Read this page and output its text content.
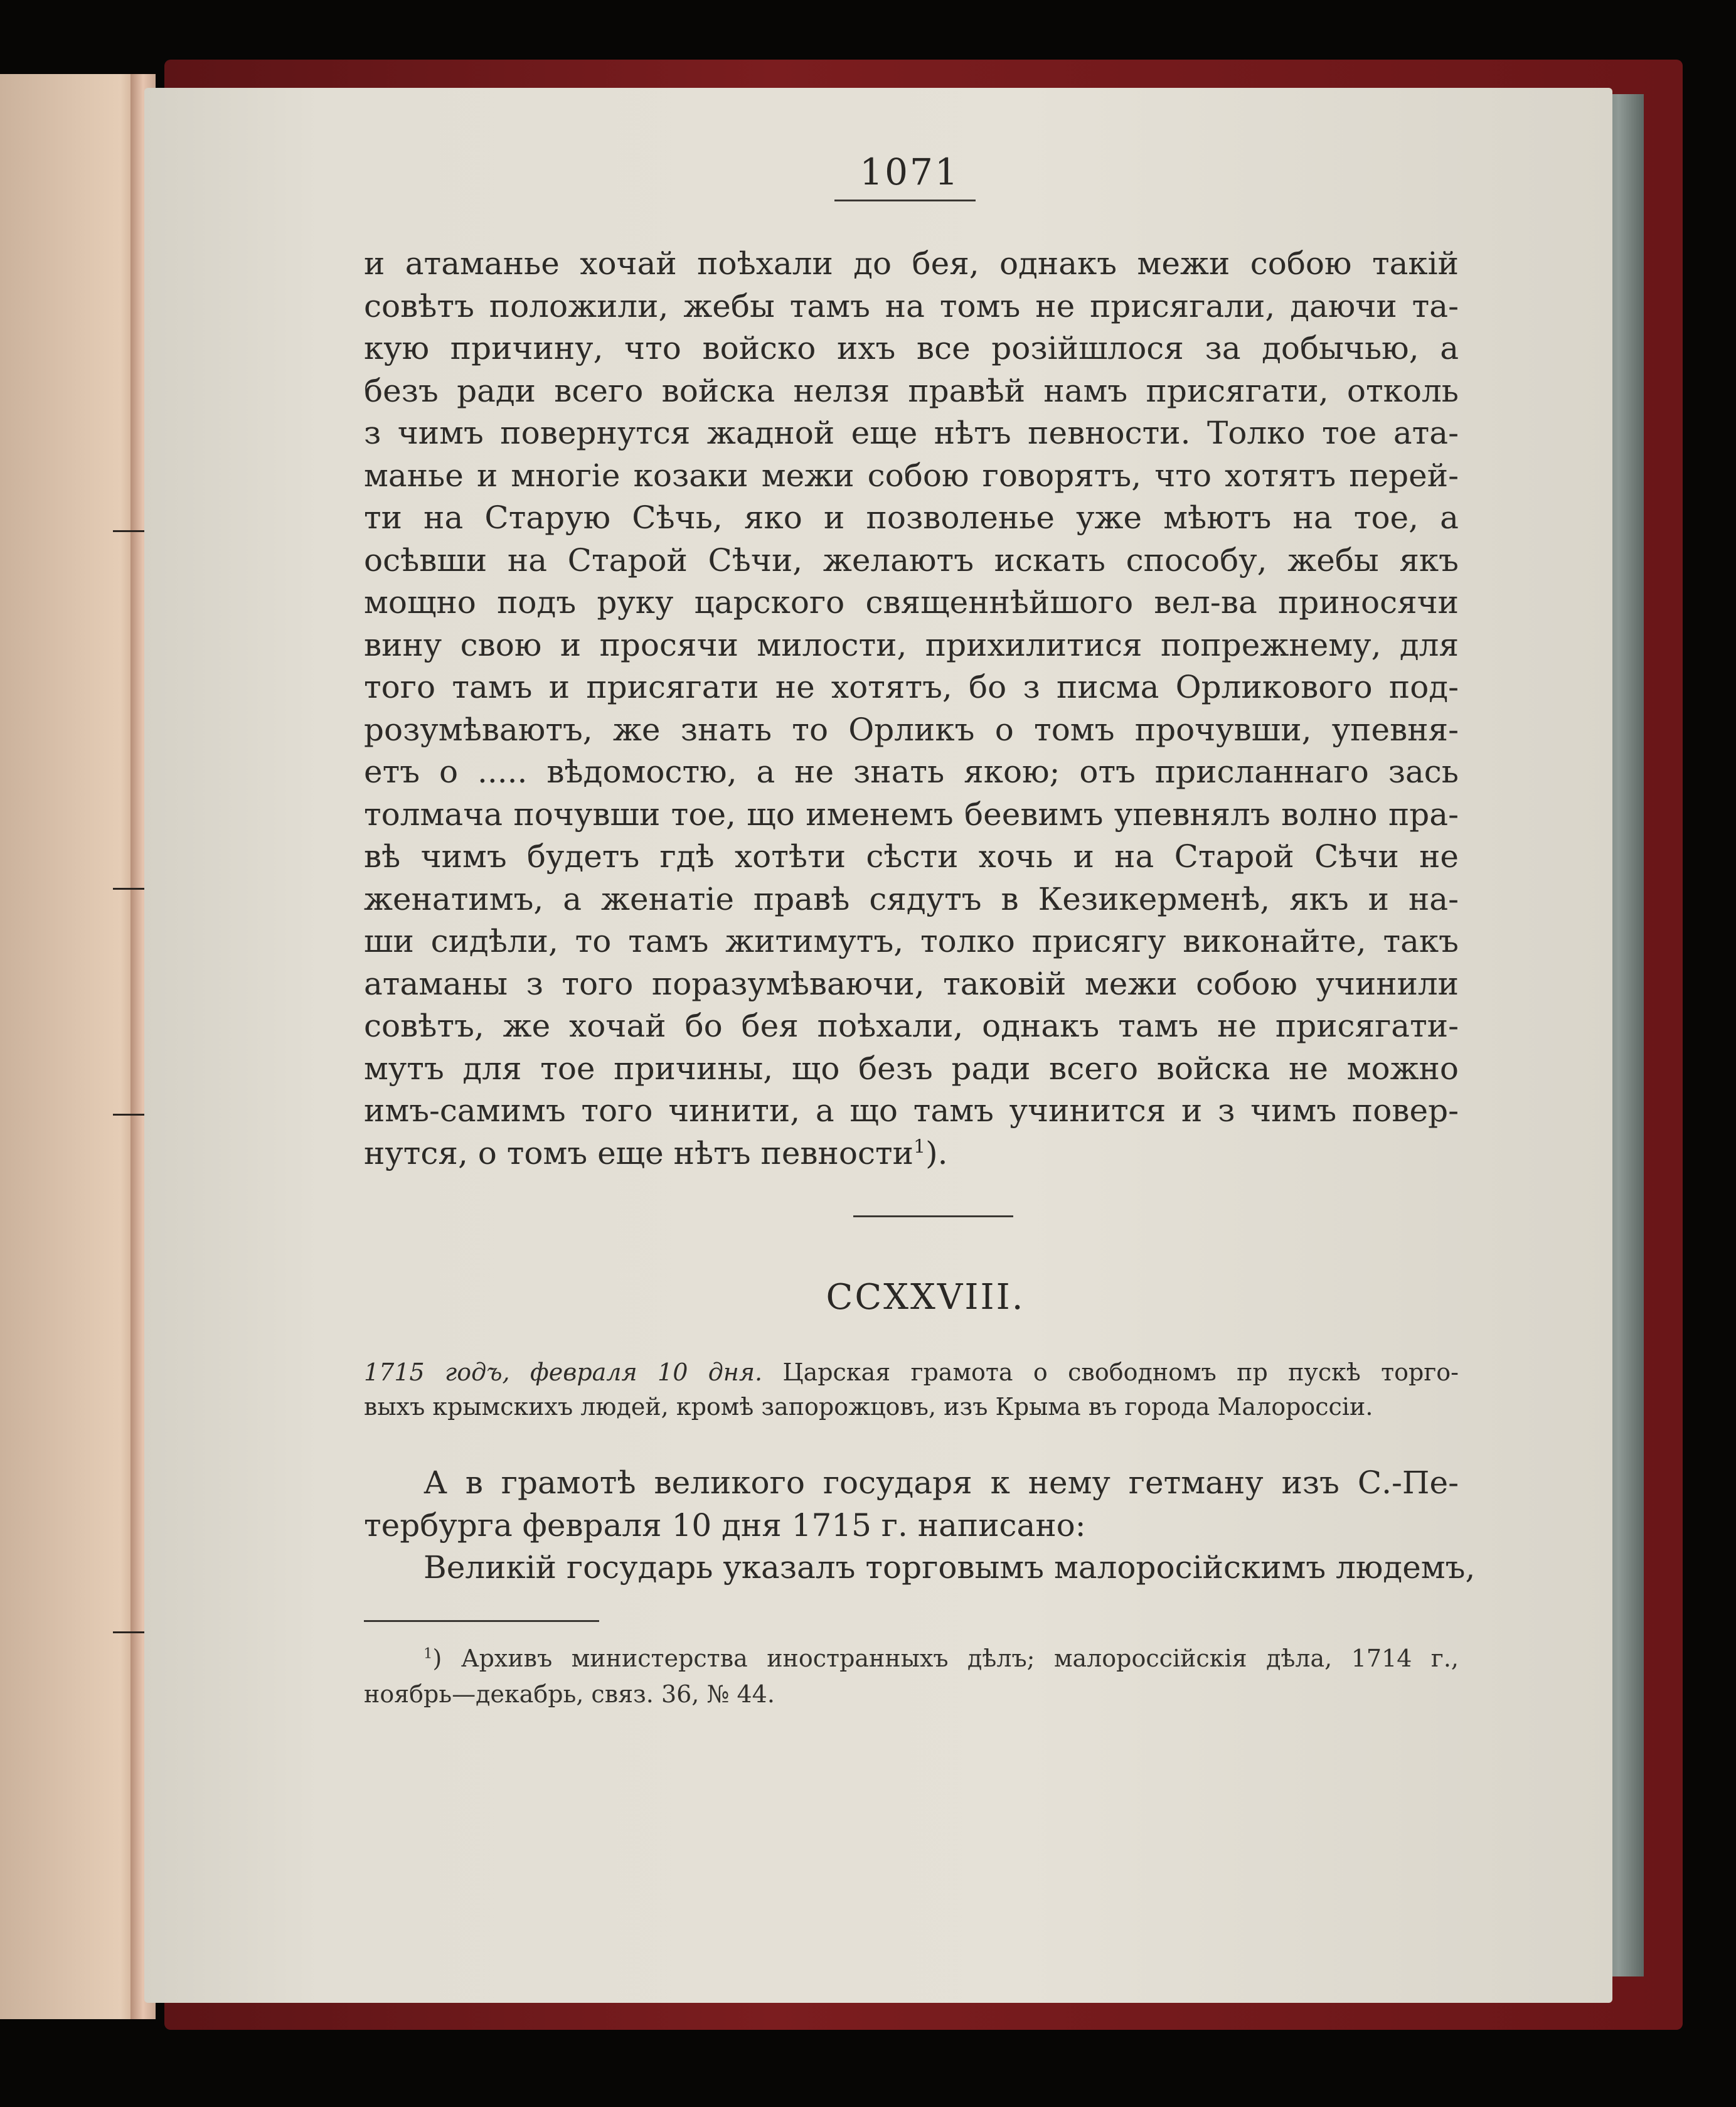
1071
и атаманье хочай поѣхали до бея, однакъ межи собою такій
совѣтъ положили, жебы тамъ на томъ не присягали, даючи та-
кую причину, что войско ихъ все розійшлося за добычью, а
безъ ради всего войска нелзя правѣй намъ присягати, отколь
з чимъ повернутся жадной еще нѣтъ певности. Толко тое ата-
манье и многіе козаки межи собою говорятъ, что хотятъ перей-
ти на Старую Сѣчь, яко и позволенье уже мѣютъ на тое, а
осѣвши на Старой Сѣчи, желаютъ искать способу, жебы якъ
мощно подъ руку царского священнѣйшого вел-ва приносячи
вину свою и просячи милости, прихилитися попрежнему, для
того тамъ и присягати не хотятъ, бо з писма Орликового под-
розумѣваютъ, же знать то Орликъ о томъ прочувши, упевня-
етъ о ..... вѣдомостю, а не знать якою; отъ присланнаго зась
толмача почувши тое, що именемъ беевимъ упевнялъ волно пра-
вѣ чимъ будетъ гдѣ хотѣти сѣсти хочь и на Старой Сѣчи не
женатимъ, а женатіе правѣ сядутъ в Кезикерменѣ, якъ и на-
ши сидѣли, то тамъ житимутъ, толко присягу виконайте, такъ
атаманы з того поразумѣваючи, таковій межи собою учинили
совѣтъ, же хочай бо бея поѣхали, однакъ тамъ не присягати-
мутъ для тое причины, що безъ ради всего войска не можно
имъ-самимъ того чинити, а що тамъ учинится и з чимъ повер-
нутся, о томъ еще нѣтъ певности$^1$).
CCXXVIII.
1715 годъ, февраля 10 дня. Царская грамота о свободномъ пр пускѣ торго-
выхъ крымскихъ людей, кромѣ запорожцовъ, изъ Крыма въ города Малороссіи.
А в грамотѣ великого государя к нему гетману изъ С.-Пе-
тербурга февраля 10 дня 1715 г. написано:
Великій государь указалъ торговымъ малоросійскимъ людемъ,
$^1$) Архивъ министерства иностранныхъ дѣлъ; малороссійскія дѣла, 1714 г.,
ноябрь—декабрь, связ. 36, № 44.
